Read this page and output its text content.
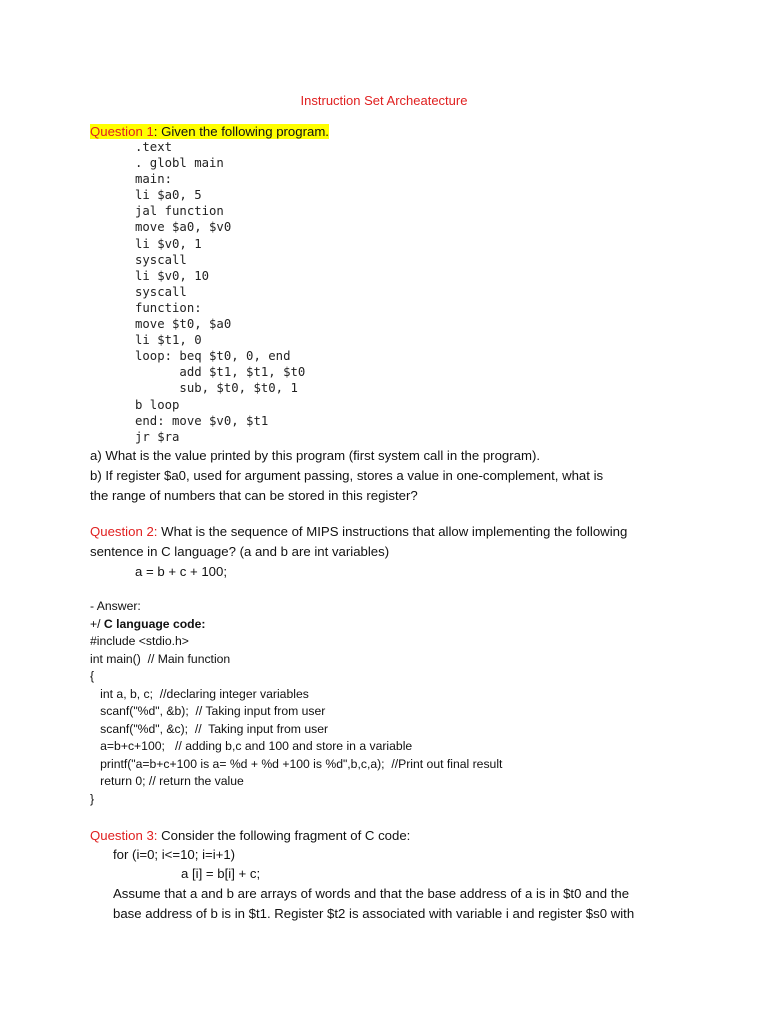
Instruction Set Archeatecture
Question 1: Given the following program.
.text
. globl main
main:
li $a0, 5
jal function
move $a0, $v0
li $v0, 1
syscall
li $v0, 10
syscall
function:
move $t0, $a0
li $t1, 0
loop: beq $t0, 0, end
add $t1, $t1, $t0
sub, $t0, $t0, 1
b loop
end: move $v0, $t1
jr $ra
a) What is the value printed by this program (first system call in the program).
b) If register $a0, used for argument passing, stores a value in one-complement, what is
the range of numbers that can be stored in this register?
Question 2: What is the sequence of MIPS instructions that allow implementing the following
sentence in C language? (a and b are int variables)
a = b + c + 100;
- Answer:
+/ C language code:
#include <stdio.h>
int main()  // Main function
{
int a, b, c;  //declaring integer variables
scanf("%d", &b);  // Taking input from user
scanf("%d", &c);  //  Taking input from user
a=b+c+100;   // adding b,c and 100 and store in a variable
printf("a=b+c+100 is a= %d + %d +100 is %d",b,c,a);  //Print out final result
return 0; // return the value
}
Question 3: Consider the following fragment of C code:
for (i=0; i<=10; i=i+1)
a [i] = b[i] + c;
Assume that a and b are arrays of words and that the base address of a is in $t0 and the
base address of b is in $t1. Register $t2 is associated with variable i and register $s0 with
